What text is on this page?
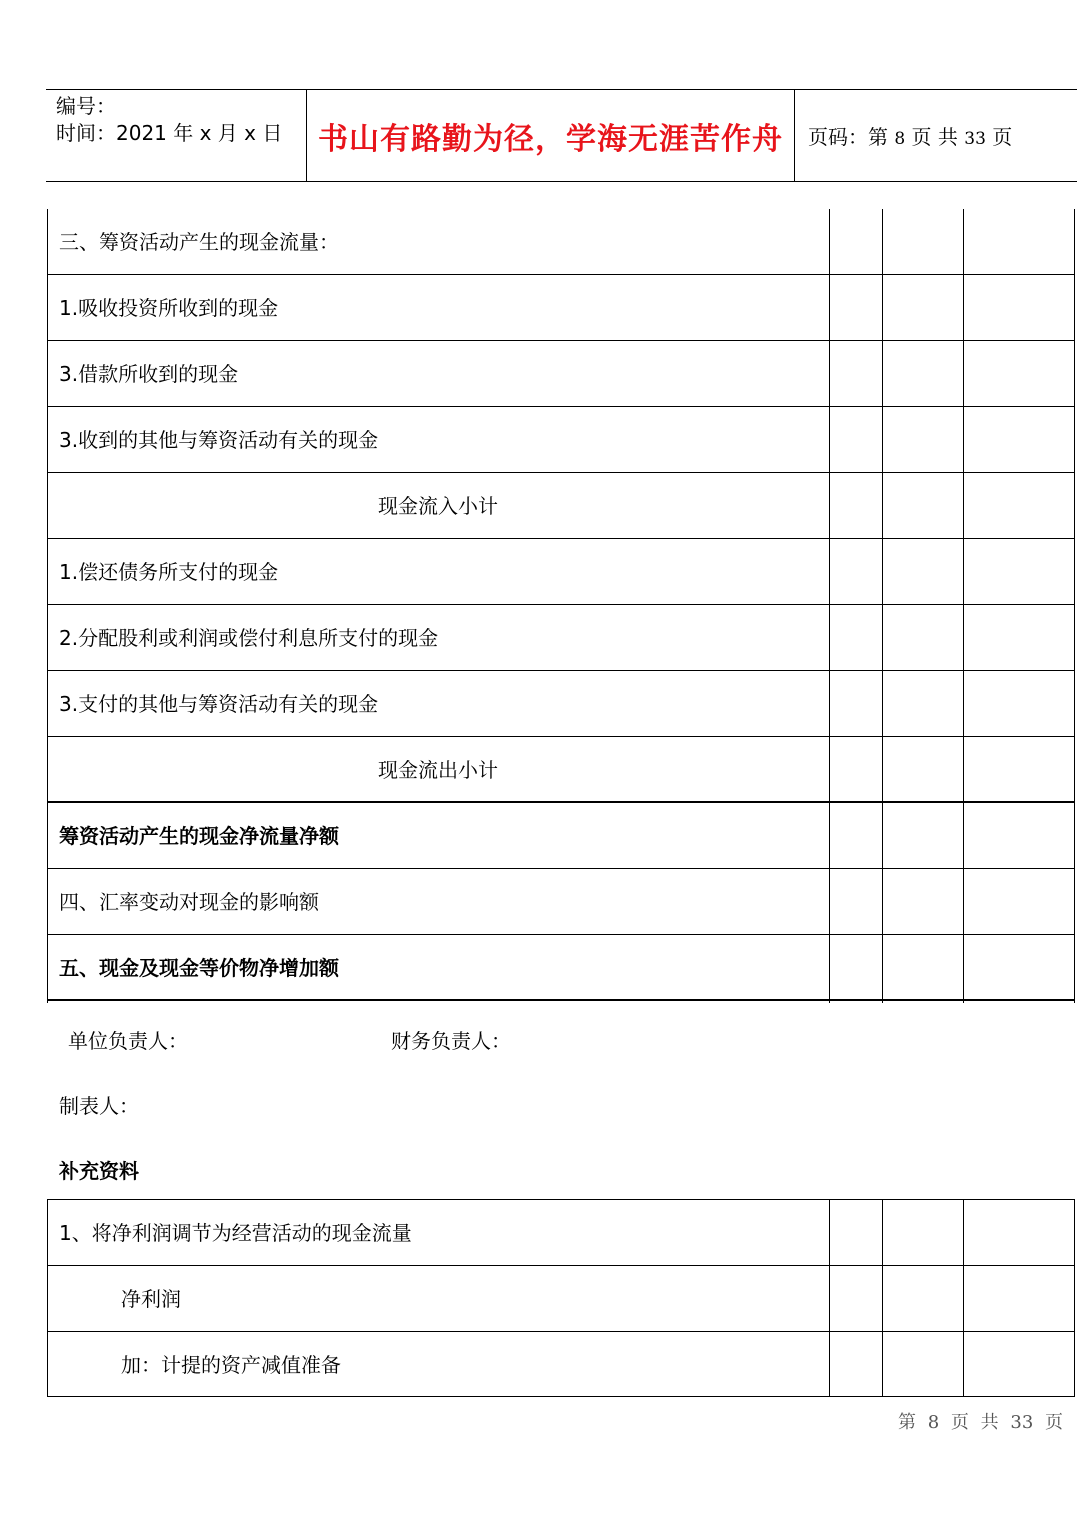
编号：
时间：2021 年 x 月 x 日 书山有路勤为径，学海无涯苦作舟 页码：第 8 页 共 33 页
三、筹资活动产生的现金流量：
1.吸收投资所收到的现金
3.借款所收到的现金
3.收到的其他与筹资活动有关的现金
现金流入小计
1.偿还债务所支付的现金
2.分配股利或利润或偿付利息所支付的现金
3.支付的其他与筹资活动有关的现金
现金流出小计
筹资活动产生的现金净流量净额
四、汇率变动对现金的影响额
五、现金及现金等价物净增加额
单位负责人：	财务负责人：
制表人：
补充资料
1、将净利润调节为经营活动的现金流量
净利润
加：计提的资产减值准备
第 8 页 共 33 页
